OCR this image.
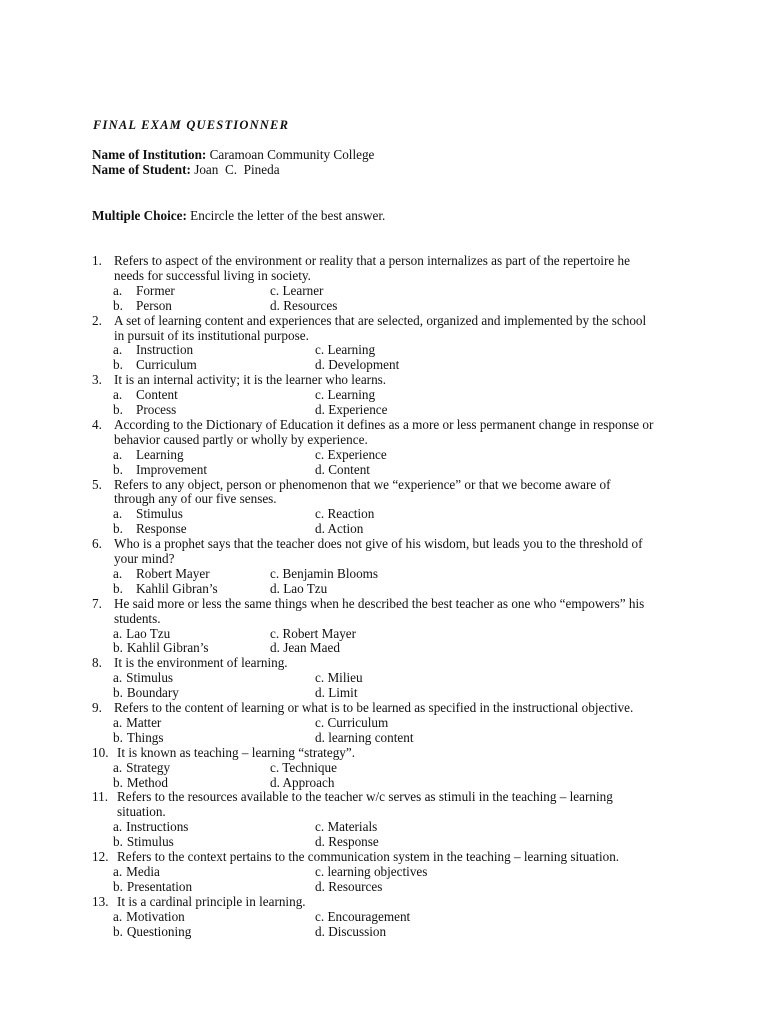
FINAL EXAM QUESTIONNER
Name of Institution: Caramoan Community College
Name of Student: Joan  C.  Pineda
Multiple Choice: Encircle the letter of the best answer.
1. Refers to aspect of the environment or reality that a person internalizes as part of the repertoire he
needs for successful living in society.
a. Former	c. Learner
b. Person	d. Resources
2. A set of learning content and experiences that are selected, organized and implemented by the school
in pursuit of its institutional purpose.
a. Instruction	c. Learning
b. Curriculum	d. Development
3. It is an internal activity; it is the learner who learns.
a. Content	c. Learning
b. Process	d. Experience
4. According to the Dictionary of Education it defines as a more or less permanent change in response or
behavior caused partly or wholly by experience.
a. Learning	c. Experience
b. Improvement	d. Content
5. Refers to any object, person or phenomenon that we “experience” or that we become aware of
through any of our five senses.
a. Stimulus	c. Reaction
b. Response	d. Action
6. Who is a prophet says that the teacher does not give of his wisdom, but leads you to the threshold of
your mind?
a. Robert Mayer	c. Benjamin Blooms
b. Kahlil Gibran’s	d. Lao Tzu
7. He said more or less the same things when he described the best teacher as one who “empowers” his
students.
a. Lao Tzu	c. Robert Mayer
b. Kahlil Gibran’s	d. Jean Maed
8. It is the environment of learning.
a. Stimulus	c. Milieu
b. Boundary	d. Limit
9. Refers to the content of learning or what is to be learned as specified in the instructional objective.
a. Matter	c. Curriculum
b. Things	d. learning content
10. It is known as teaching – learning “strategy”.
a. Strategy	c. Technique
b. Method	d. Approach
11. Refers to the resources available to the teacher w/c serves as stimuli in the teaching – learning
situation.
a. Instructions	c. Materials
b. Stimulus	d. Response
12. Refers to the context pertains to the communication system in the teaching – learning situation.
a. Media	c. learning objectives
b. Presentation	d. Resources
13. It is a cardinal principle in learning.
a. Motivation	c. Encouragement
b. Questioning	d. Discussion
